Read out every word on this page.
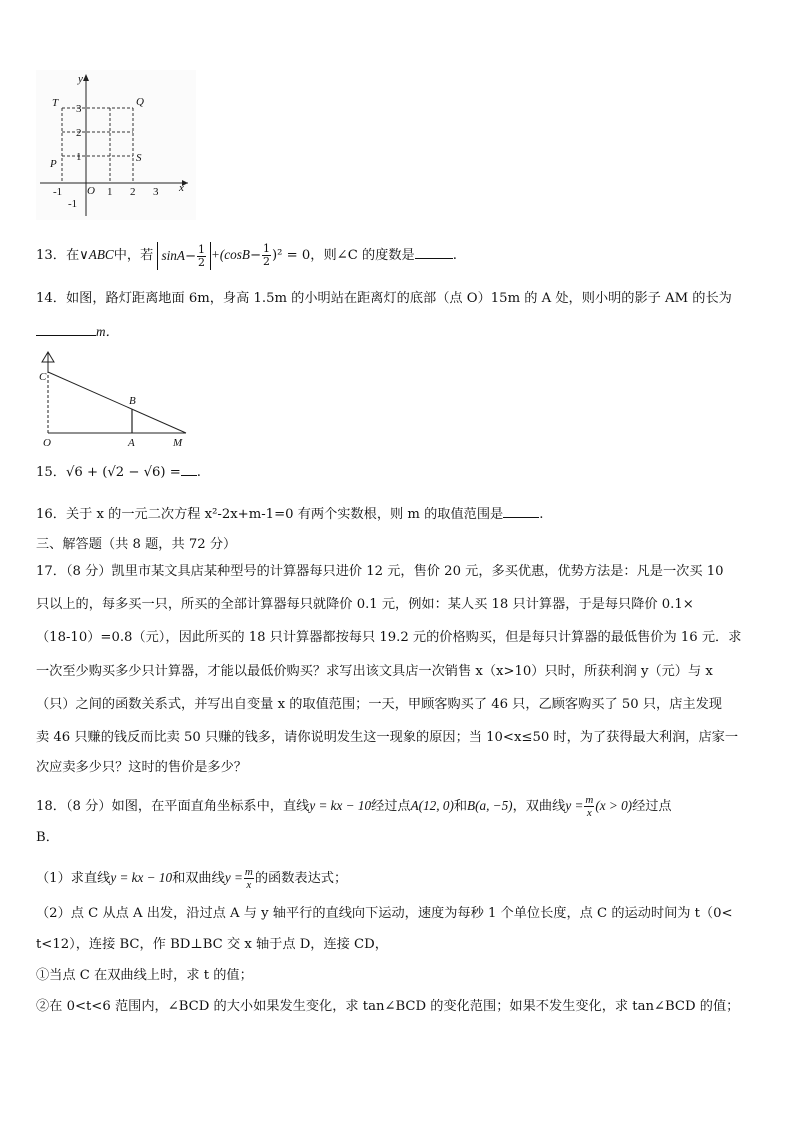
y
x
O
-1	1 2 3
-1
1
2
3
P
T	Q
S
13．在∨ABC中，若 $\sin A- \frac{1}{2} +(\cos B- \frac{1}{2} )^2 = 0$，则∠C 的度数是	.
14．如图，路灯距离地面 6m，身高 1.5m 的小明站在距离灯的底部（点 O）15m 的 A 处，则小明的影子 AM 的长为
m．
C
B
O	A	M
15．√6 + (√2 − √6) = .
16．关于 x 的一元二次方程 x²-2x+m-1=0 有两个实数根，则 m 的取值范围是	.
三、解答题（共 8 题，共 72 分）
17．（8 分）凯里市某文具店某种型号的计算器每只进价 12 元，售价 20 元，多买优惠，优势方法是：凡是一次买 10
只以上的，每多买一只，所买的全部计算器每只就降价 0.1 元，例如：某人买 18 只计算器，于是每只降价 0.1×
（18-10）=0.8（元），因此所买的 18 只计算器都按每只 19.2 元的价格购买，但是每只计算器的最低售价为 16 元．求
一次至少购买多少只计算器，才能以最低价购买？求写出该文具店一次销售 x（x>10）只时，所获利润 y（元）与 x
（只）之间的函数关系式，并写出自变量 x 的取值范围；一天，甲顾客购买了 46 只，乙顾客购买了 50 只，店主发现
卖 46 只赚的钱反而比卖 50 只赚的钱多，请你说明发生这一现象的原因；当 10<x≤50 时，为了获得最大利润，店家一
次应卖多少只？这时的售价是多少？
18．（8 分）如图，在平面直角坐标系中，直线y = kx − 10经过点A(12, 0)和B(a, −5)，双曲线$y = \frac{m}{x} (x > 0)$经过点
B．
（1）求直线y = kx − 10和双曲线$y = \frac{m}{x}$ 的函数表达式；
（2）点 C 从点 A 出发，沿过点 A 与 y 轴平行的直线向下运动，速度为每秒 1 个单位长度，点 C 的运动时间为 t（0<
t<12），连接 BC，作 BD⊥BC 交 x 轴于点 D，连接 CD，
①当点 C 在双曲线上时，求 t 的值；
②在 0<t<6 范围内，∠BCD 的大小如果发生变化，求 tan∠BCD 的变化范围；如果不发生变化，求 tan∠BCD 的值；
